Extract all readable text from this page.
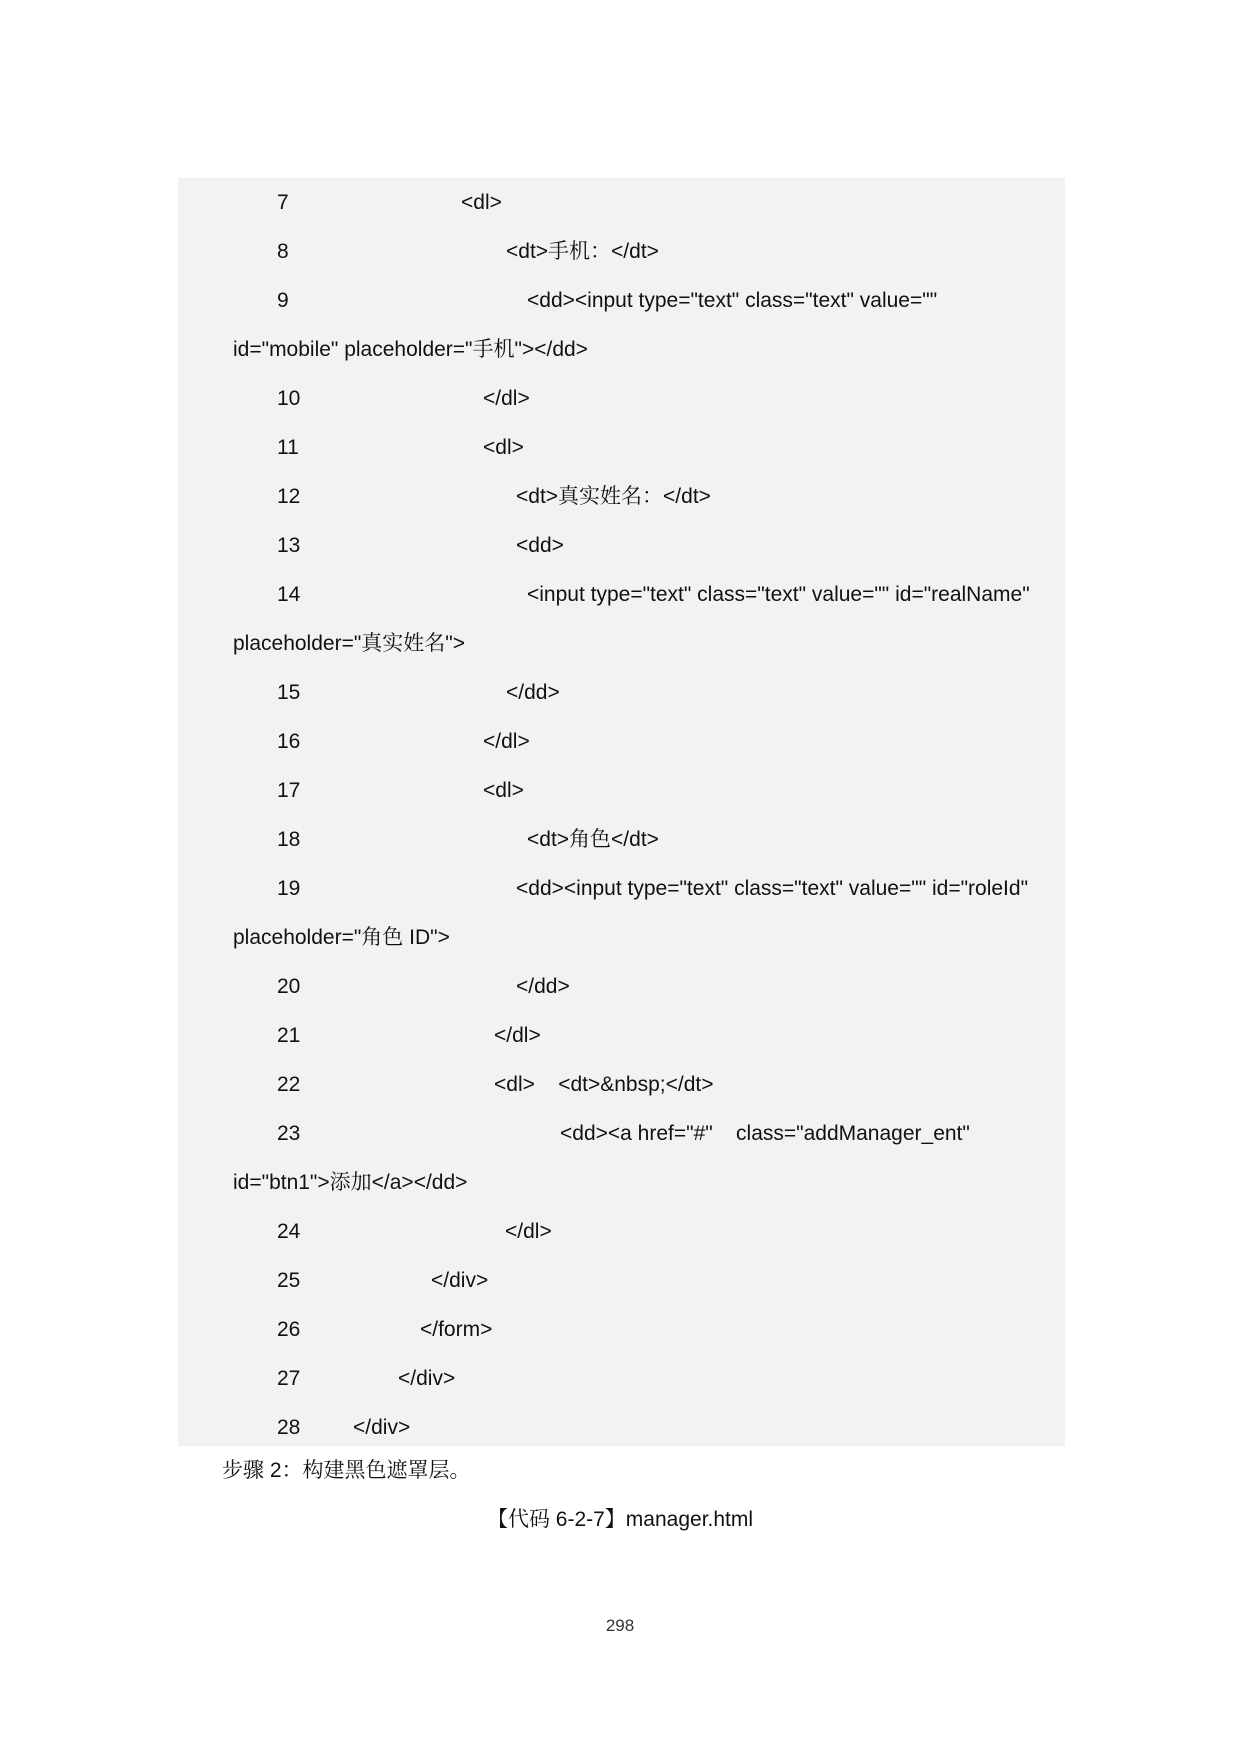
7	<dl>
8	<dt>手机：</dt>
9	<dd><input type="text" class="text" value=""
id="mobile" placeholder="手机"></dd>
10	</dl>
11	<dl>
12	<dt>真实姓名：</dt>
13	<dd>
14	<input type="text" class="text" value="" id="realName"
placeholder="真实姓名">
15	</dd>
16	</dl>
17	<dl>
18	<dt>角色</dt>
19	<dd><input type="text" class="text" value="" id="roleId"
placeholder="角色 ID">
20	</dd>
21	</dl>
22	<dl>    <dt>&nbsp;</dt>
23	<dd><a href="#"    class="addManager_ent"
id="btn1">添加</a></dd>
24	</dl>
25	</div>
26	</form>
27	</div>
28	</div>
步骤 2：构建黑色遮罩层。
【代码 6-2-7】manager.html
298
